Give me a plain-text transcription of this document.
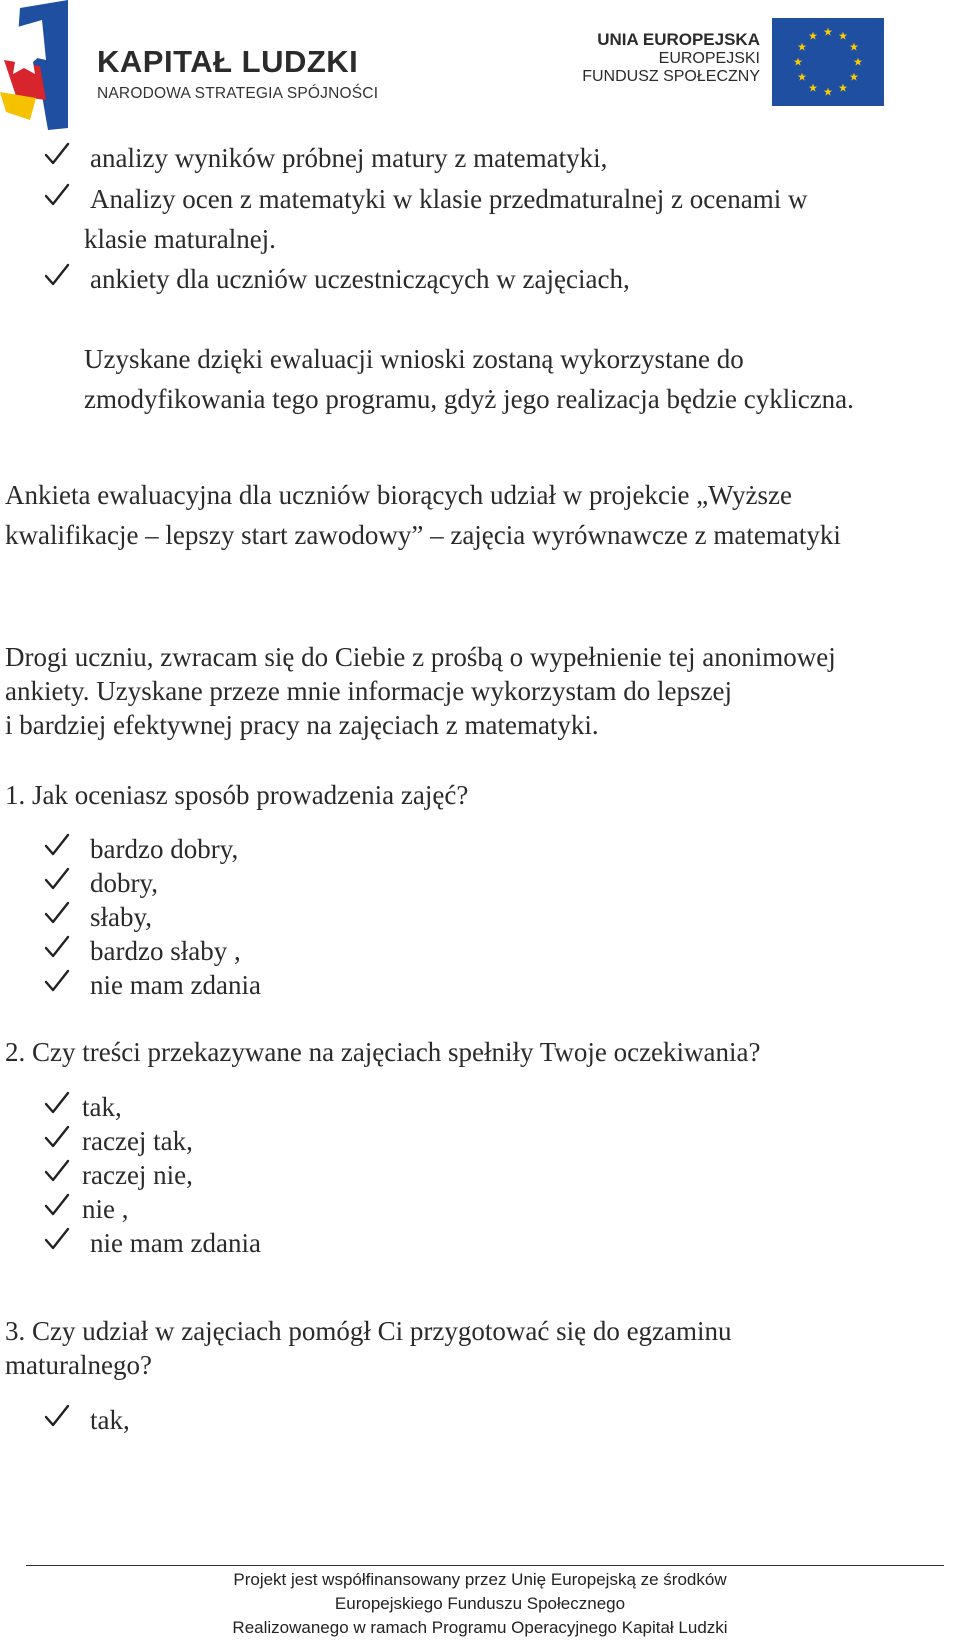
KAPITAŁ LUDZKI
NARODOWA STRATEGIA SPÓJNOŚCI
UNIA EUROPEJSKA
EUROPEJSKI
FUNDUSZ SPOŁECZNY
analizy wyników próbnej matury z matematyki,
Analizy ocen z matematyki w klasie przedmaturalnej z ocenami w
klasie maturalnej.
ankiety dla uczniów uczestniczących w zajęciach,
Uzyskane dzięki ewaluacji wnioski zostaną wykorzystane do
zmodyfikowania tego programu, gdyż jego realizacja będzie cykliczna.
Ankieta ewaluacyjna dla uczniów biorących udział w projekcie „Wyższe
kwalifikacje – lepszy start zawodowy” – zajęcia wyrównawcze z matematyki
Drogi uczniu, zwracam się do Ciebie z prośbą o wypełnienie tej anonimowej
ankiety. Uzyskane przeze mnie informacje wykorzystam do lepszej
i bardziej efektywnej pracy na zajęciach z matematyki.
1. Jak oceniasz sposób prowadzenia zajęć?
bardzo dobry,
dobry,
słaby,
bardzo słaby ,
nie mam zdania
2. Czy treści przekazywane na zajęciach spełniły Twoje oczekiwania?
tak,
raczej tak,
raczej nie,
nie ,
nie mam zdania
3. Czy udział w zajęciach pomógł Ci przygotować się do egzaminu
maturalnego?
tak,
Projekt jest współfinansowany przez Unię Europejską ze środków
Europejskiego Funduszu Społecznego
Realizowanego w ramach Programu Operacyjnego Kapitał Ludzki
